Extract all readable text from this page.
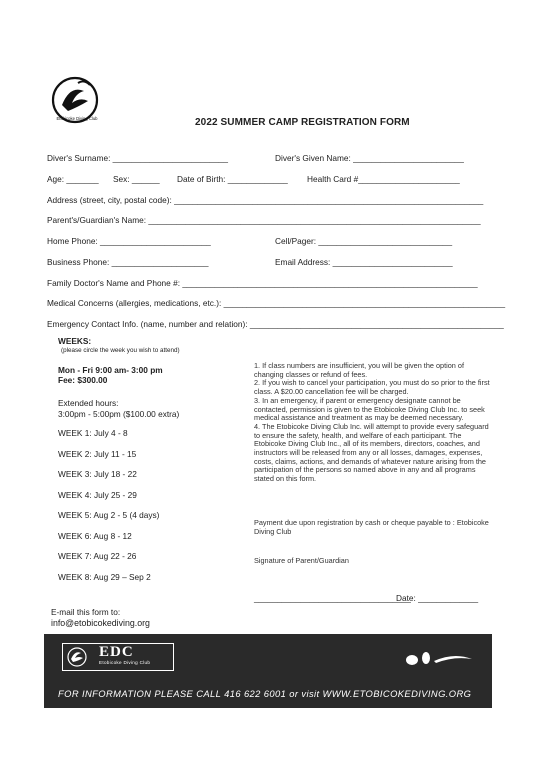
Etobicoke Diving Club	2022 SUMMER CAMP REGISTRATION FORM
Diver's Surname: _________________________	Diver's Given Name: ________________________
Age: _______ Sex: ______ Date of Birth: _____________ Health Card #______________________
Address (street, city, postal code): ___________________________________________________________________
Parent's/Guardian's Name: ________________________________________________________________________
Home Phone: ________________________	Cell/Pager: _____________________________
Business Phone: _____________________	Email Address: __________________________
Family Doctor's Name and Phone #: ________________________________________________________________
Medical Concerns (allergies, medications, etc.): _____________________________________________________________
Emergency Contact Info. (name, number and relation): _______________________________________________________
WEEKS:
(please circle the week you wish to attend)
Mon - Fri 9:00 am- 3:00 pm
Fee: $300.00
Extended hours:
3:00pm - 5:00pm ($100.00 extra)
WEEK 1: July 4 - 8
WEEK 2: July 11 - 15
WEEK 3: July 18 - 22
WEEK 4: July 25 - 29
WEEK 5: Aug 2 - 5 (4 days)
WEEK 6: Aug 8 - 12
WEEK 7: Aug 22 - 26
WEEK 8: Aug 29 – Sep 2
1. If class numbers are insufficient, you will be given the option of changing classes or refund of fees.
2. If you wish to cancel your participation, you must do so prior to the first class. A $20.00 cancellation fee will be charged.
3. In an emergency, if parent or emergency designate cannot be contacted, permission is given to the Etobicoke Diving Club Inc. to seek medical assistance and treatment as may be deemed necessary.
4. The Etobicoke Diving Club Inc. will attempt to provide every safeguard to ensure the safety, health, and welfare of each participant. The Etobicoke Diving Club Inc., all of its members, directors, coaches, and instructors will be released from any or all losses, damages, expenses, costs, claims, actions, and demands of whatever nature arising from the participation of the persons so named above in any and all programs stated on this form.
Payment due upon registration by cash or cheque payable to : Etobicoke Diving Club
Signature of Parent/Guardian
__________________________________
Date: _____________
E-mail this form to:
info@etobicokediving.org
EDC
Etobicoke Diving Club
FOR INFORMATION PLEASE CALL 416 622 6001 or visit WWW.ETOBICOKEDIVING.ORG
